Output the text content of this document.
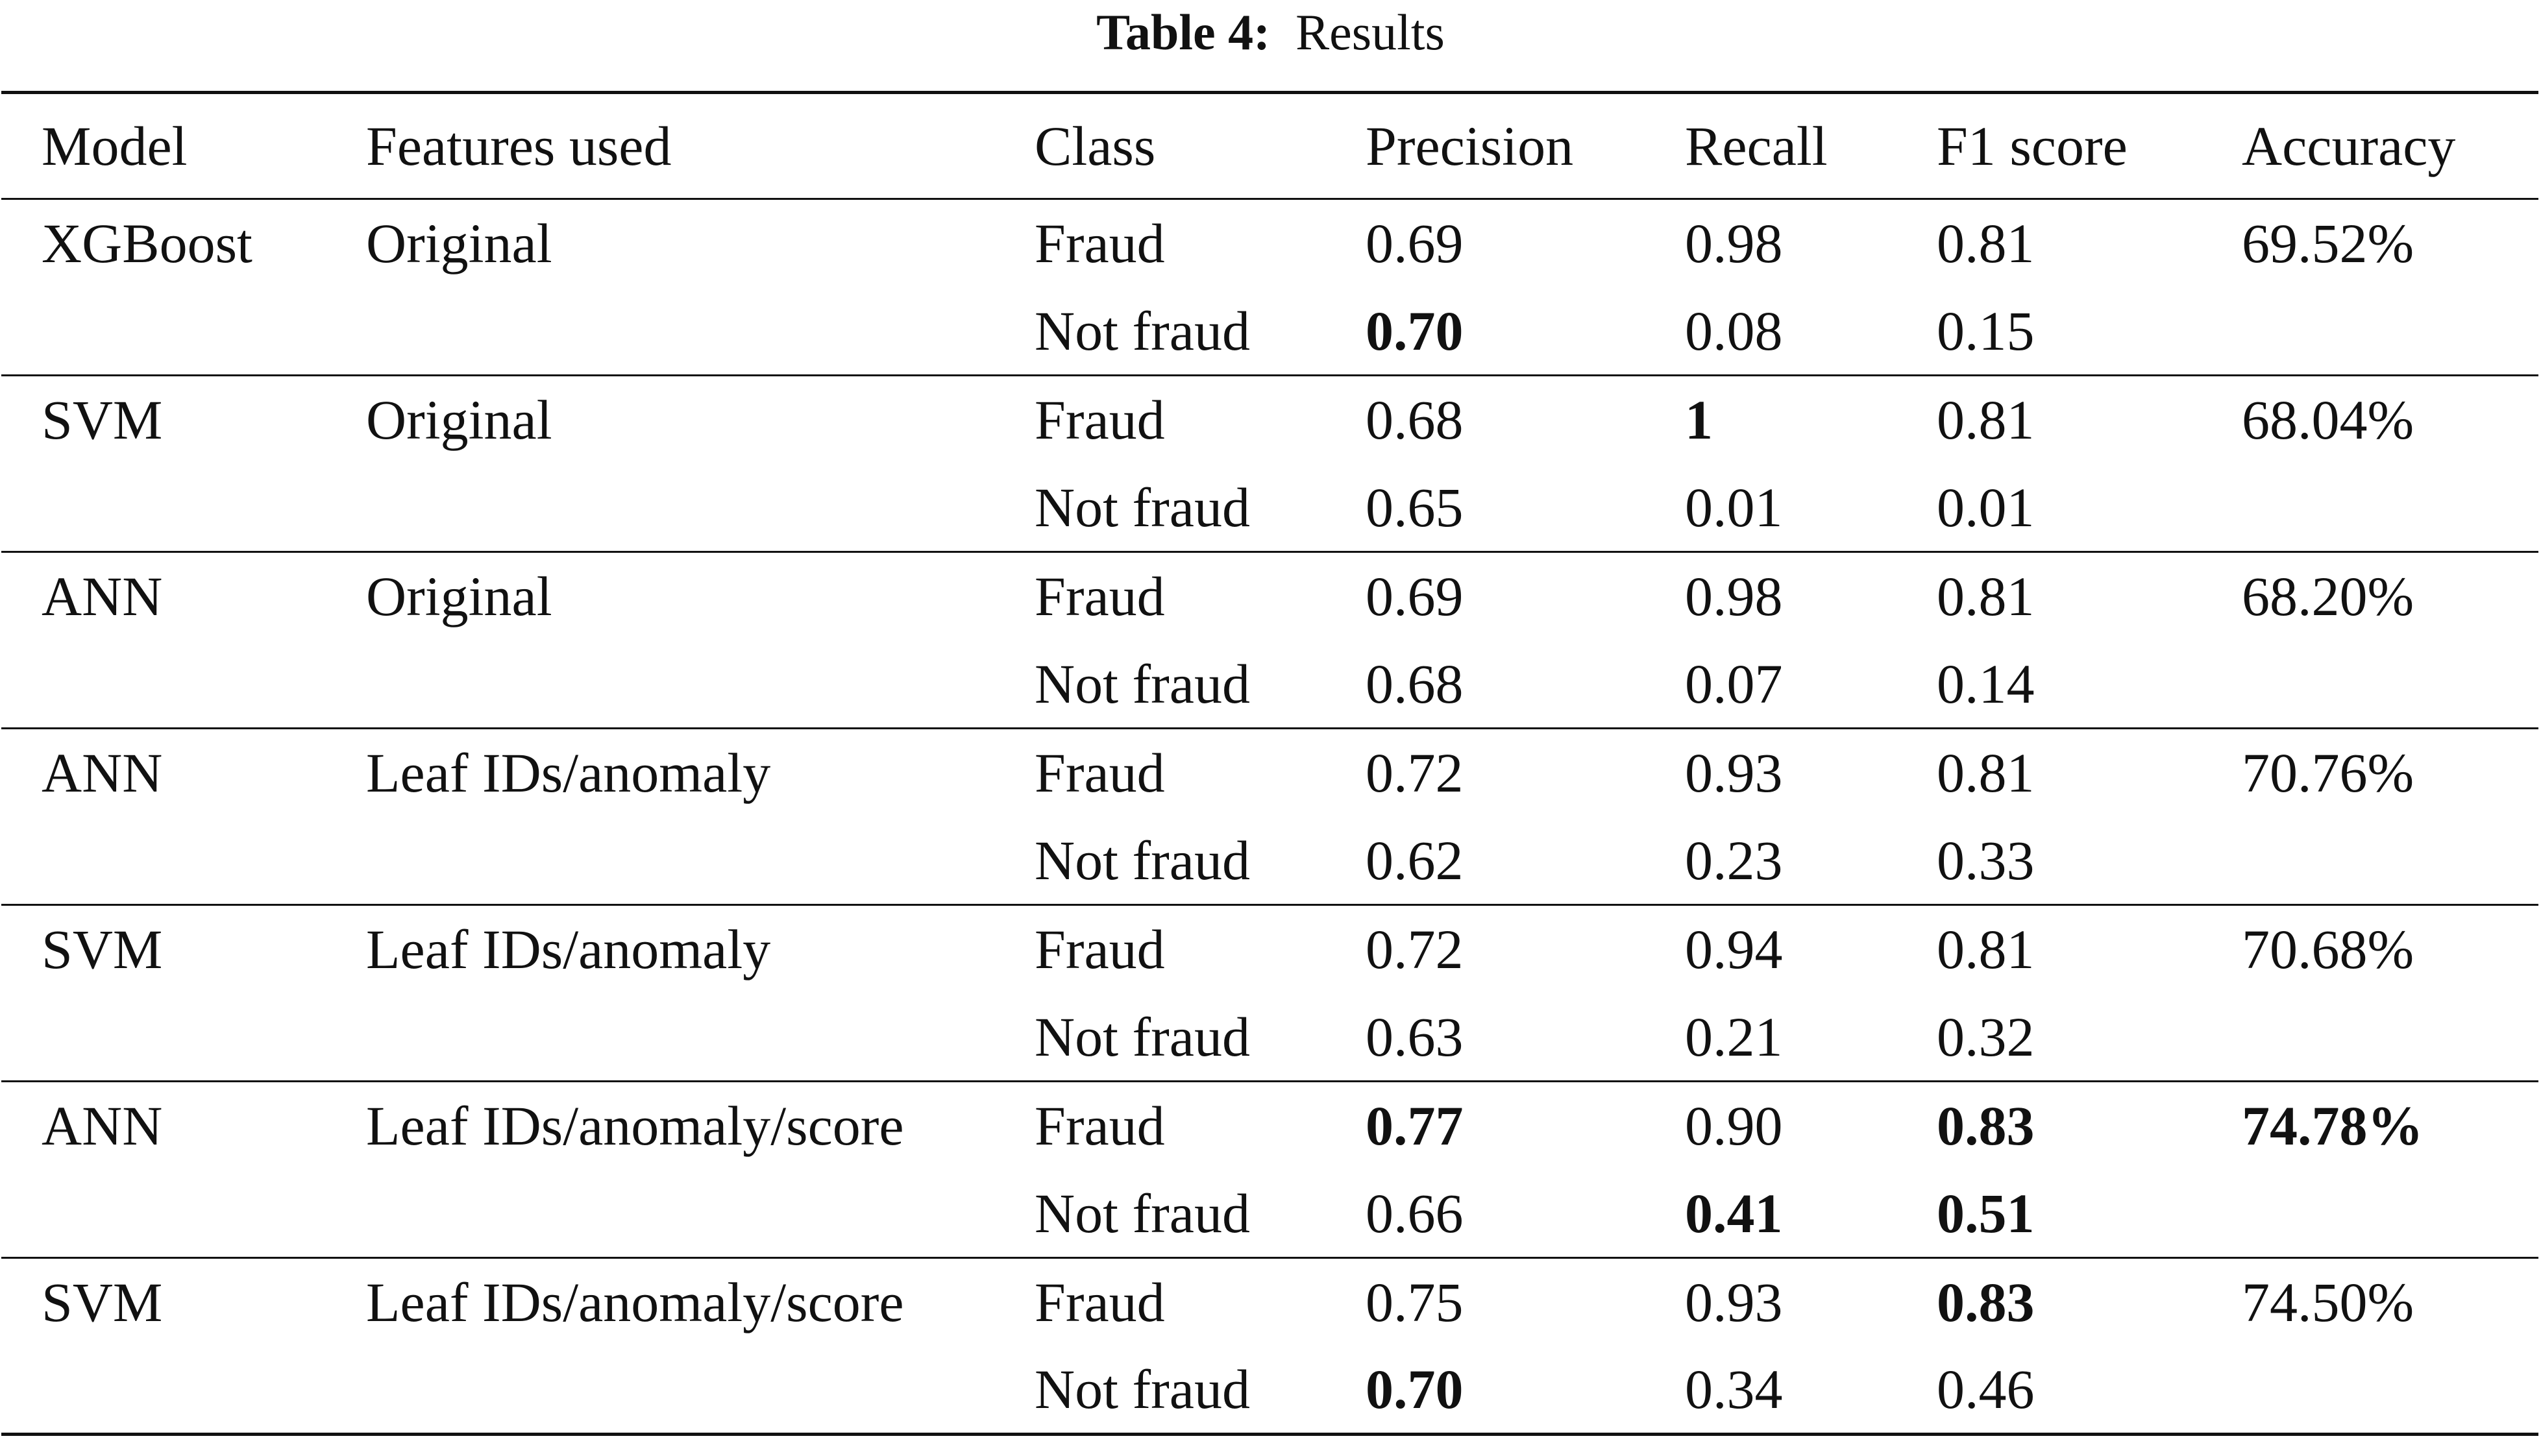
Table 4: Results
Model	Features used	Class	Precision	Recall	F1 score	Accuracy
XGBoost	Original	Fraud	0.69	0.98	0.81	69.52%
		Not fraud	0.70	0.08	0.15	
SVM	Original	Fraud	0.68	1	0.81	68.04%
		Not fraud	0.65	0.01	0.01	
ANN	Original	Fraud	0.69	0.98	0.81	68.20%
		Not fraud	0.68	0.07	0.14	
ANN	Leaf IDs/anomaly	Fraud	0.72	0.93	0.81	70.76%
		Not fraud	0.62	0.23	0.33	
SVM	Leaf IDs/anomaly	Fraud	0.72	0.94	0.81	70.68%
		Not fraud	0.63	0.21	0.32	
ANN	Leaf IDs/anomaly/score	Fraud	0.77	0.90	0.83	74.78%
		Not fraud	0.66	0.41	0.51	
SVM	Leaf IDs/anomaly/score	Fraud	0.75	0.93	0.83	74.50%
		Not fraud	0.70	0.34	0.46	
